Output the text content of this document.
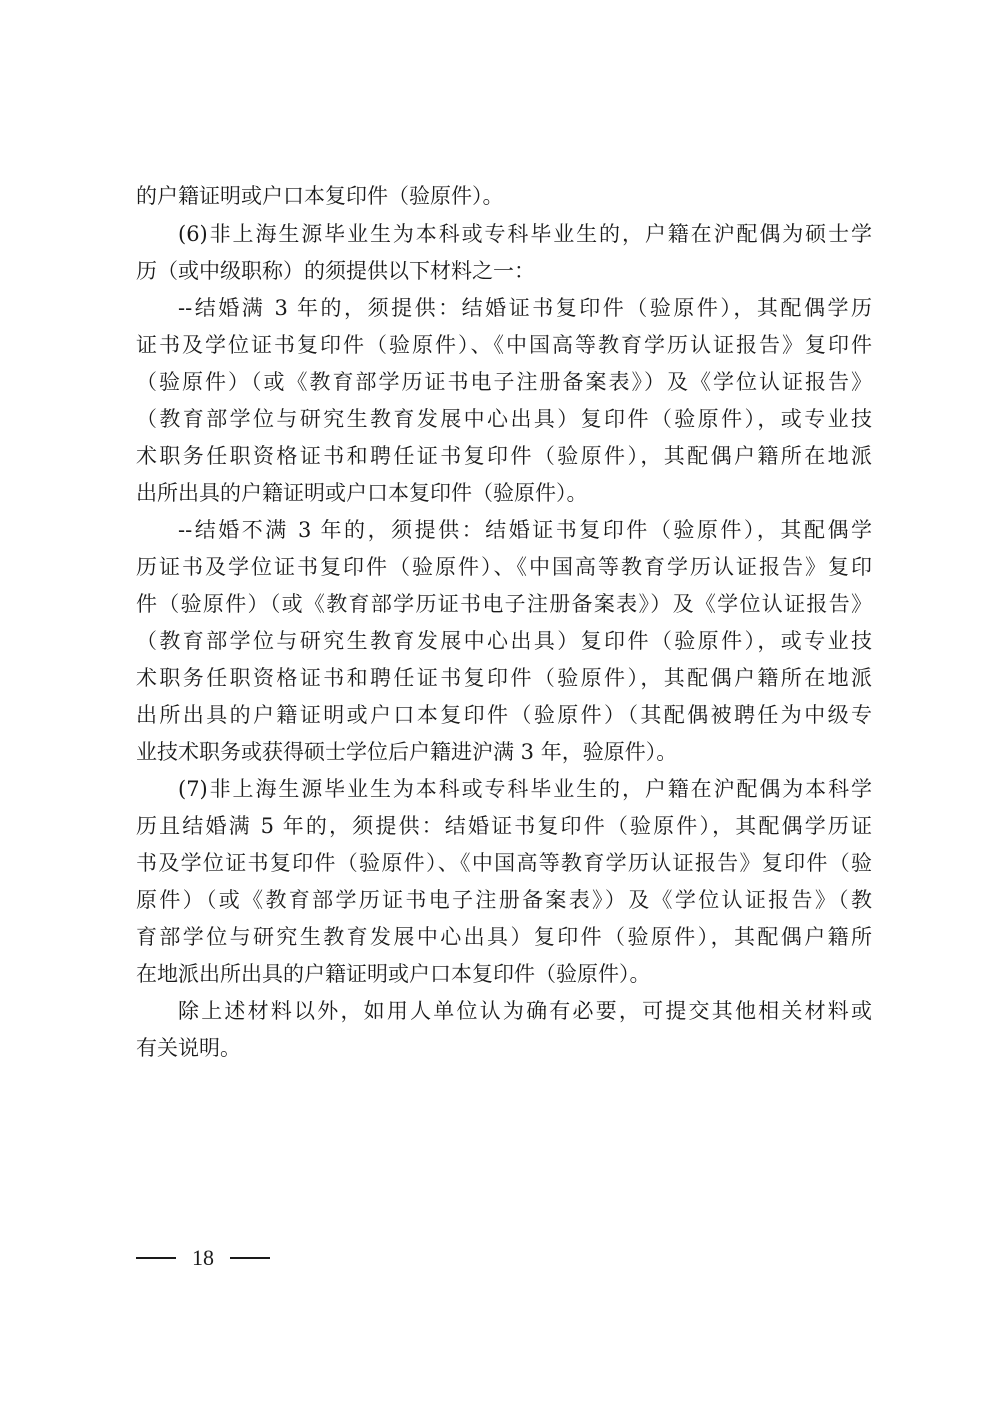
的户籍证明或户口本复印件（验原件）。
(6)非上海生源毕业生为本科或专科毕业生的，户籍在沪配偶为硕士学
历（或中级职称）的须提供以下材料之一：
--结婚满 3 年的，须提供：结婚证书复印件（验原件），其配偶学历
证书及学位证书复印件（验原件）、《中国高等教育学历认证报告》复印件
（验原件）（或《教育部学历证书电子注册备案表》）及《学位认证报告》
（教育部学位与研究生教育发展中心出具）复印件（验原件），或专业技
术职务任职资格证书和聘任证书复印件（验原件），其配偶户籍所在地派
出所出具的户籍证明或户口本复印件（验原件）。
--结婚不满 3 年的，须提供：结婚证书复印件（验原件），其配偶学
历证书及学位证书复印件（验原件）、《中国高等教育学历认证报告》复印
件（验原件）（或《教育部学历证书电子注册备案表》）及《学位认证报告》
（教育部学位与研究生教育发展中心出具）复印件（验原件），或专业技
术职务任职资格证书和聘任证书复印件（验原件），其配偶户籍所在地派
出所出具的户籍证明或户口本复印件（验原件）（其配偶被聘任为中级专
业技术职务或获得硕士学位后户籍进沪满 3 年，验原件）。
(7)非上海生源毕业生为本科或专科毕业生的，户籍在沪配偶为本科学
历且结婚满 5 年的，须提供：结婚证书复印件（验原件），其配偶学历证
书及学位证书复印件（验原件）、《中国高等教育学历认证报告》复印件（验
原件）（或《教育部学历证书电子注册备案表》）及《学位认证报告》（教
育部学位与研究生教育发展中心出具）复印件（验原件），其配偶户籍所
在地派出所出具的户籍证明或户口本复印件（验原件）。
除上述材料以外，如用人单位认为确有必要，可提交其他相关材料或
有关说明。
18
